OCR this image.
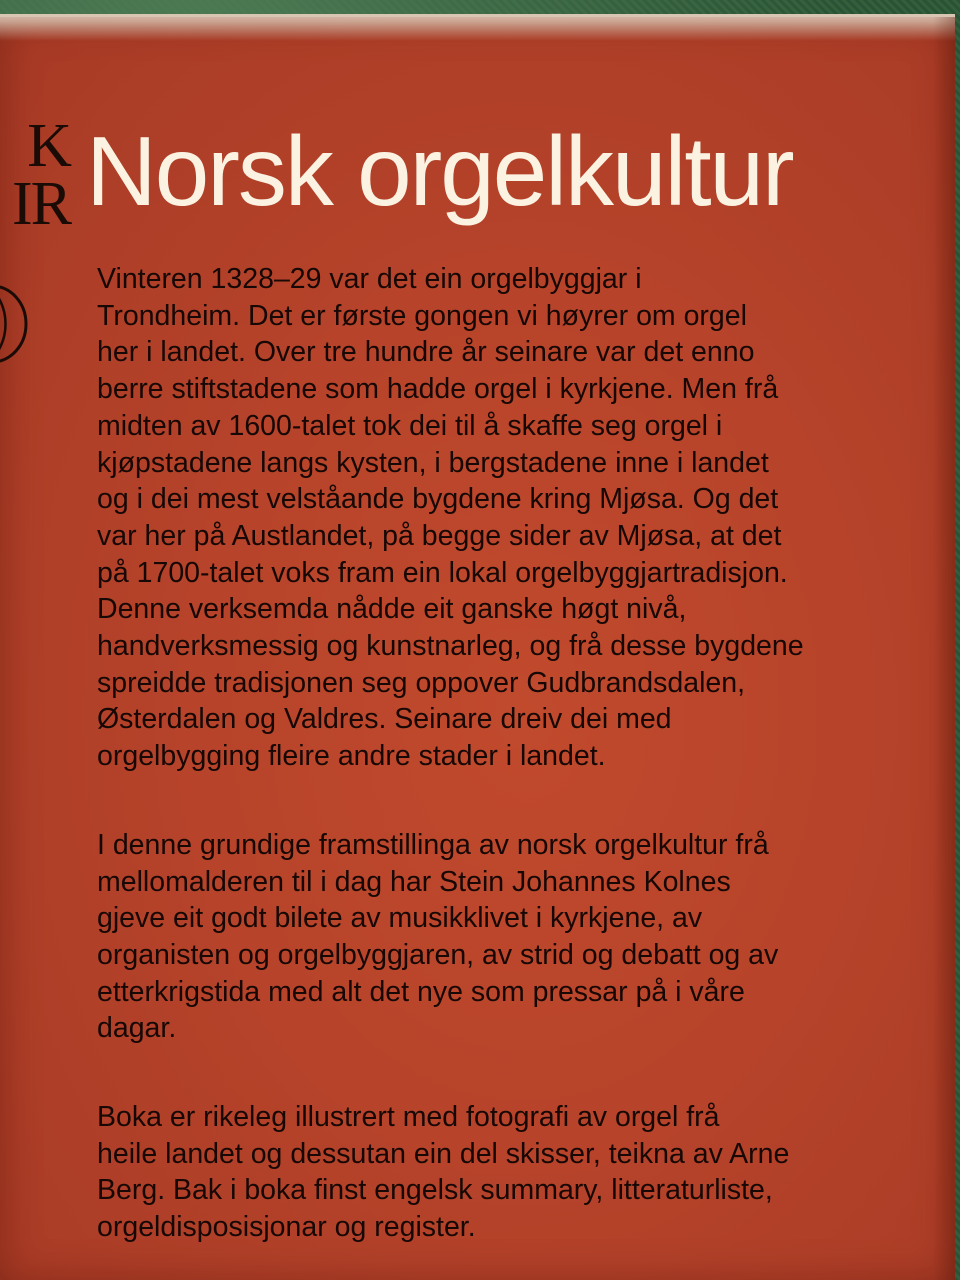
K
IR Norsk orgelkultur

Vinteren 1328–29 var det ein orgelbyggjar i
Trondheim. Det er første gongen vi høyrer om orgel
her i landet. Over tre hundre år seinare var det enno
berre stiftstadene som hadde orgel i kyrkjene. Men frå
midten av 1600-talet tok dei til å skaffe seg orgel i
kjøpstadene langs kysten, i bergstadene inne i landet
og i dei mest velståande bygdene kring Mjøsa. Og det
var her på Austlandet, på begge sider av Mjøsa, at det
på 1700-talet voks fram ein lokal orgelbyggjartradisjon.
Denne verksemda nådde eit ganske høgt nivå,
handverksmessig og kunstnarleg, og frå desse bygdene
spreidde tradisjonen seg oppover Gudbrandsdalen,
Østerdalen og Valdres. Seinare dreiv dei med
orgelbygging fleire andre stader i landet.

I denne grundige framstillinga av norsk orgelkultur frå
mellomalderen til i dag har Stein Johannes Kolnes
gjeve eit godt bilete av musikklivet i kyrkjene, av
organisten og orgelbyggjaren, av strid og debatt og av
etterkrigstida med alt det nye som pressar på i våre
dagar.

Boka er rikeleg illustrert med fotografi av orgel frå
heile landet og dessutan ein del skisser, teikna av Arne
Berg. Bak i boka finst engelsk summary, litteraturliste,
orgeldisposisjonar og register.
